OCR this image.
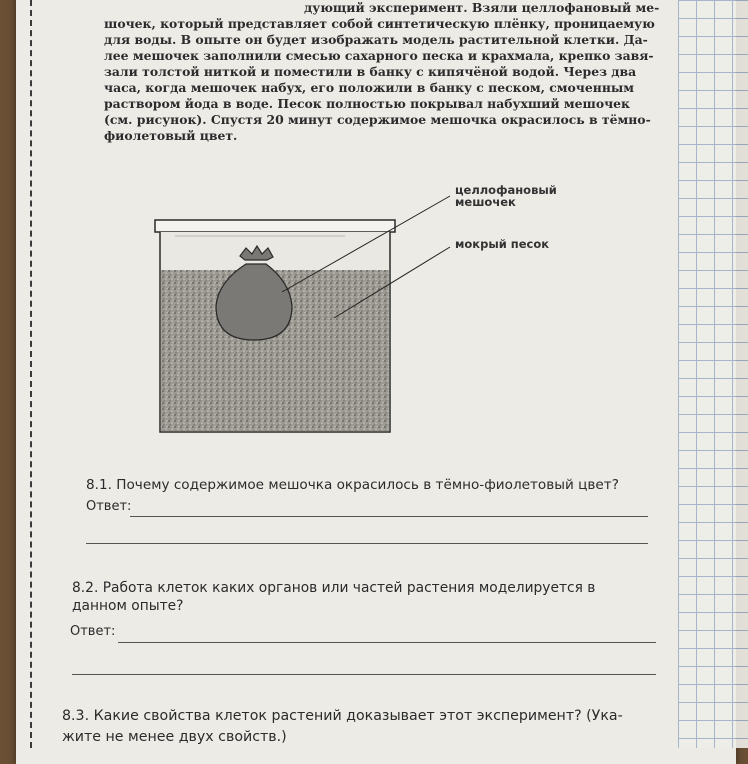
дующий эксперимент. Взяли целлофановый ме-
шочек, который представляет собой синтетическую плёнку, проницаемую
для воды. В опыте он будет изображать модель растительной клетки. Да-
лее мешочек заполнили смесью сахарного песка и крахмала, крепко завя-
зали толстой ниткой и поместили в банку с кипячёной водой. Через два
часа, когда мешочек набух, его положили в банку с песком, смоченным
раствором йода в воде. Песок полностью покрывал набухший мешочек
(см. рисунок). Спустя 20 минут содержимое мешочка окрасилось в тёмно-
фиолетовый цвет.
целлофановый
мешочек
мокрый песок
8.1. Почему содержимое мешочка окрасилось в тёмно-фиолетовый цвет?
Ответ:
8.2. Работа клеток каких органов или частей растения моделируется в
данном опыте?
Ответ:
8.3. Какие свойства клеток растений доказывает этот эксперимент? (Ука-
жите не менее двух свойств.)
